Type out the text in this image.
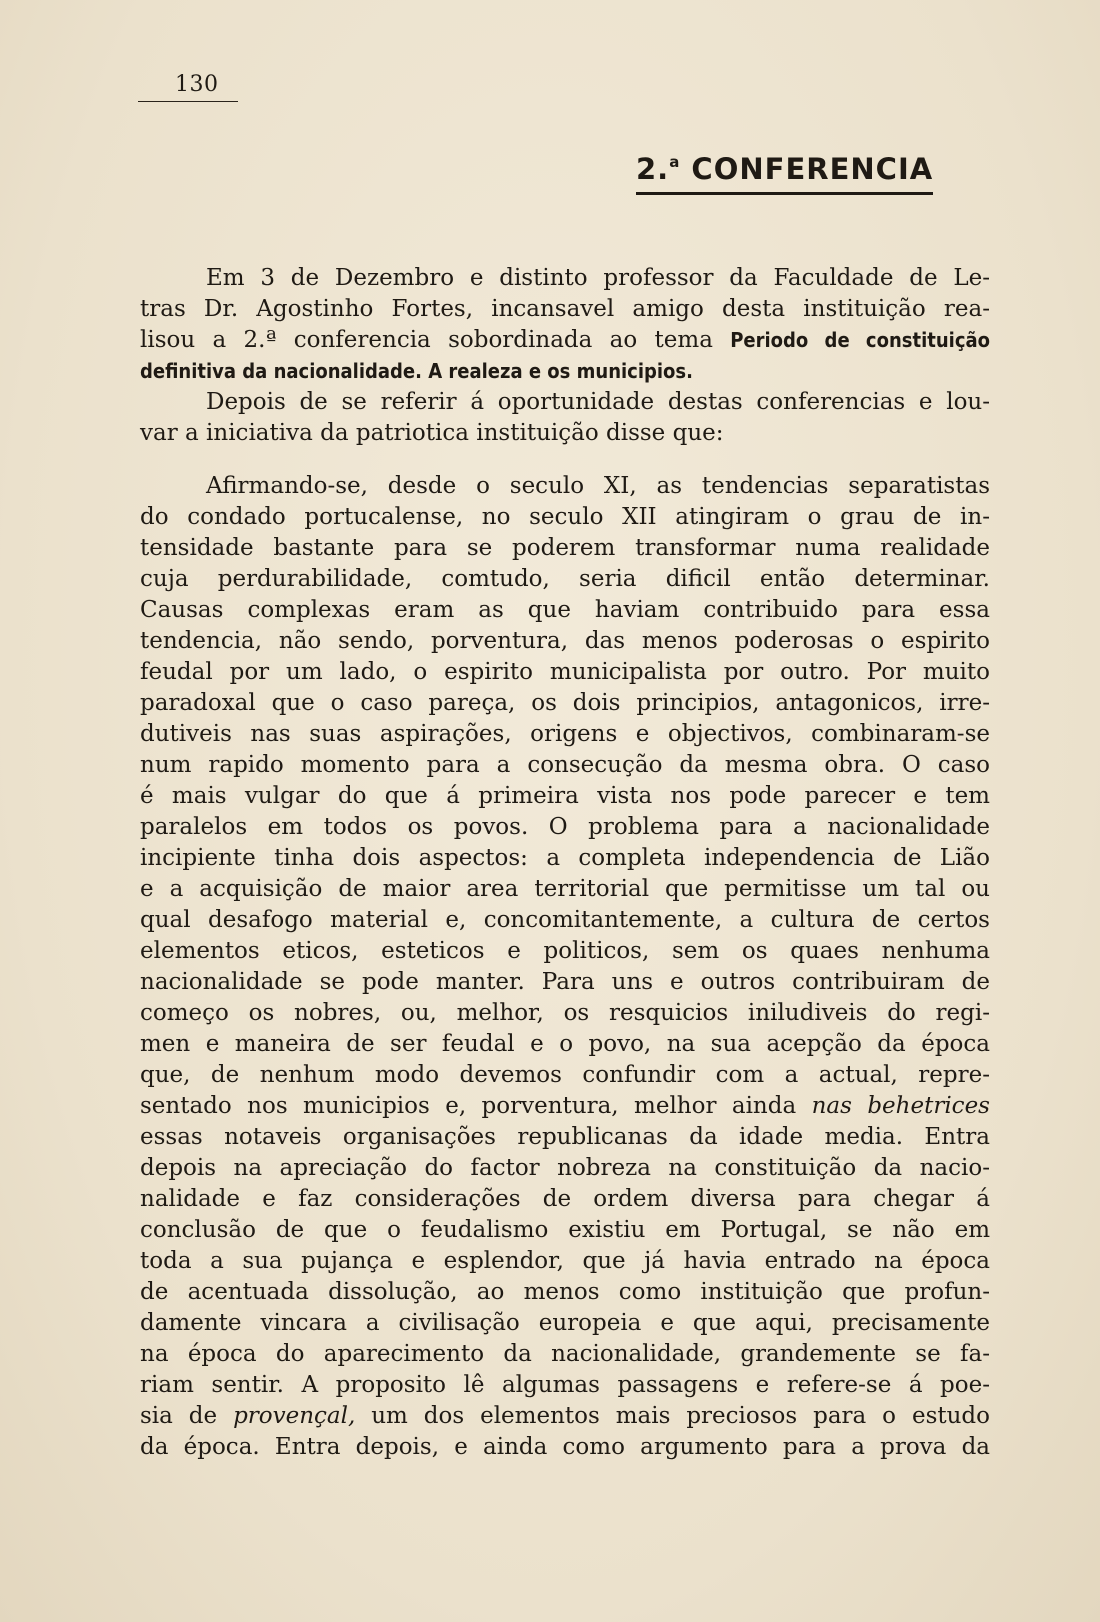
130
2.$^a$ CONFERENCIA
Em 3 de Dezembro e distinto professor da Faculdade de Le-
tras Dr. Agostinho Fortes, incansavel amigo desta instituição rea-
lisou a 2.ª conferencia sobordinada ao tema Periodo de constituição
definitiva da nacionalidade. A realeza e os municipios.
Depois de se referir á oportunidade destas conferencias e lou-
var a iniciativa da patriotica instituição disse que:
Afirmando-se, desde o seculo XI, as tendencias separatistas
do condado portucalense, no seculo XII atingiram o grau de in-
tensidade bastante para se poderem transformar numa realidade
cuja perdurabilidade, comtudo, seria dificil então determinar.
Causas complexas eram as que haviam contribuido para essa
tendencia, não sendo, porventura, das menos poderosas o espirito
feudal por um lado, o espirito municipalista por outro. Por muito
paradoxal que o caso pareça, os dois principios, antagonicos, irre-
dutiveis nas suas aspirações, origens e objectivos, combinaram-se
num rapido momento para a consecução da mesma obra. O caso
é mais vulgar do que á primeira vista nos pode parecer e tem
paralelos em todos os povos. O problema para a nacionalidade
incipiente tinha dois aspectos: a completa independencia de Lião
e a acquisição de maior area territorial que permitisse um tal ou
qual desafogo material e, concomitantemente, a cultura de certos
elementos eticos, esteticos e politicos, sem os quaes nenhuma
nacionalidade se pode manter. Para uns e outros contribuiram de
começo os nobres, ou, melhor, os resquicios iniludiveis do regi-
men e maneira de ser feudal e o povo, na sua acepção da época
que, de nenhum modo devemos confundir com a actual, repre-
sentado nos municipios e, porventura, melhor ainda nas behetrices
essas notaveis organisações republicanas da idade media. Entra
depois na apreciação do factor nobreza na constituição da nacio-
nalidade e faz considerações de ordem diversa para chegar á
conclusão de que o feudalismo existiu em Portugal, se não em
toda a sua pujança e esplendor, que já havia entrado na época
de acentuada dissolução, ao menos como instituição que profun-
damente vincara a civilisação europeia e que aqui, precisamente
na época do aparecimento da nacionalidade, grandemente se fa-
riam sentir. A proposito lê algumas passagens e refere-se á poe-
sia de provençal, um dos elementos mais preciosos para o estudo
da época. Entra depois, e ainda como argumento para a prova da
